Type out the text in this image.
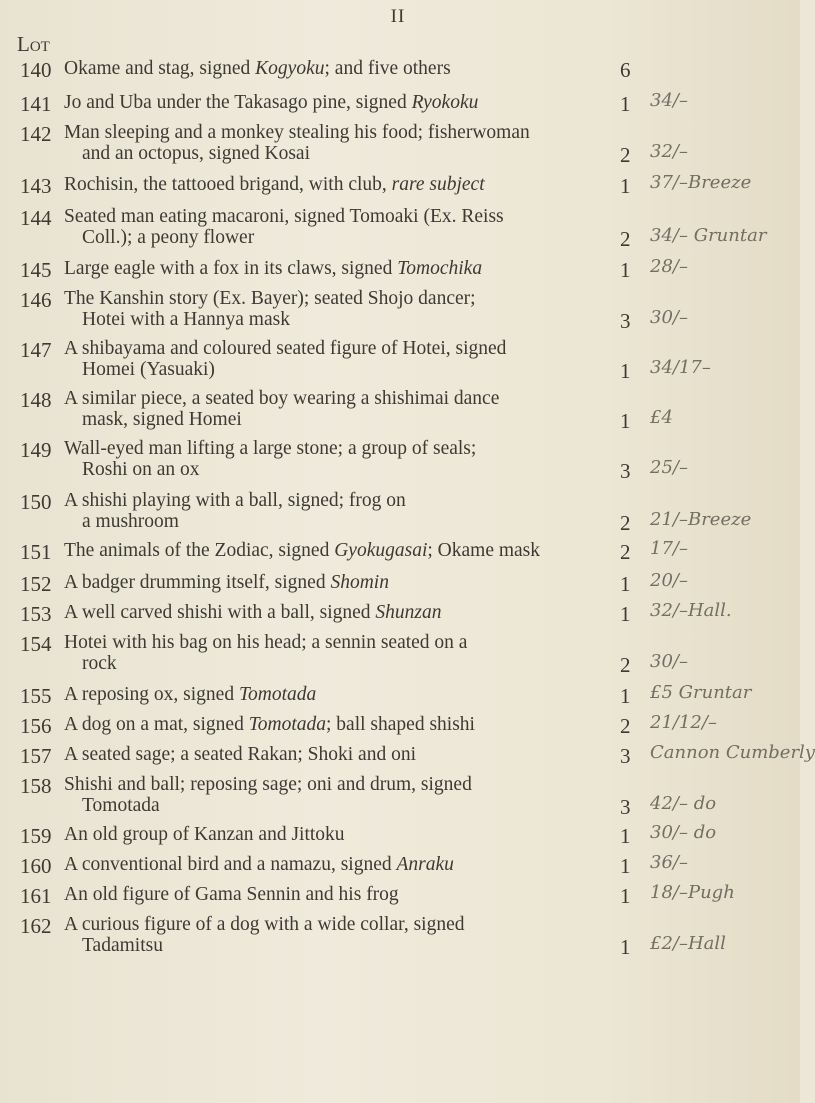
II
Lot
140 Okame and stag, signed Kogyoku; and five others	6
141 Jo and Uba under the Takasago pine, signed Ryokoku	1 34/–
142 Man sleeping and a monkey stealing his food; fisherwoman
and an octopus, signed Kosai	2 32/–
143 Rochisin, the tattooed brigand, with club, rare subject	1 37/–Breeze
144 Seated man eating macaroni, signed Tomoaki (Ex. Reiss
Coll.); a peony flower	2 34/– Gruntar
145 Large eagle with a fox in its claws, signed Tomochika	1 28/–
146 The Kanshin story (Ex. Bayer); seated Shojo dancer;
Hotei with a Hannya mask	3 30/–
147 A shibayama and coloured seated figure of Hotei, signed
Homei (Yasuaki)	1 34/17–
148 A similar piece, a seated boy wearing a shishimai dance
mask, signed Homei	1 £4
149 Wall-eyed man lifting a large stone; a group of seals;
Roshi on an ox	3 25/–
150 A shishi playing with a ball, signed; frog on
a mushroom	2 21/–Breeze
151 The animals of the Zodiac, signed Gyokugasai; Okame mask	2 17/–
152 A badger drumming itself, signed Shomin	1 20/–
153 A well carved shishi with a ball, signed Shunzan	1 32/–Hall.
154 Hotei with his bag on his head; a sennin seated on a
rock	2 30/–
155 A reposing ox, signed Tomotada	1 £5 Gruntar
156 A dog on a mat, signed Tomotada; ball shaped shishi	2 21/12/–
157 A seated sage; a seated Rakan; Shoki and oni	3 Cannon Cumberly
158 Shishi and ball; reposing sage; oni and drum, signed
Tomotada	3 42/– do
159 An old group of Kanzan and Jittoku	1 30/– do
160 A conventional bird and a namazu, signed Anraku	1 36/–
161 An old figure of Gama Sennin and his frog	1 18/–Pugh
162 A curious figure of a dog with a wide collar, signed
Tadamitsu	1 £2/–Hall
